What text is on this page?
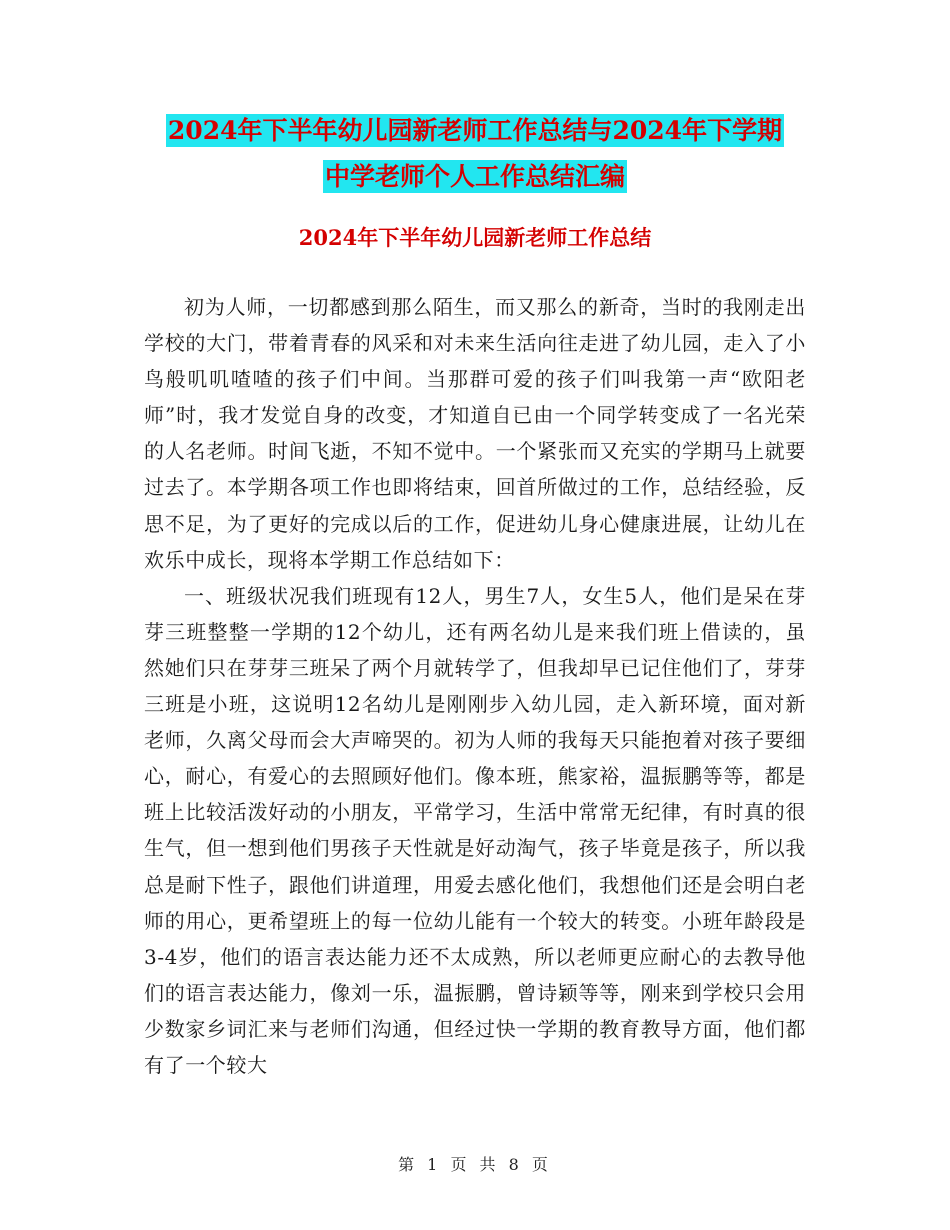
2024年下半年幼儿园新老师工作总结与2024年下学期
中学老师个人工作总结汇编
2024年下半年幼儿园新老师工作总结

初为人师，一切都感到那么陌生，而又那么的新奇，当时的我刚走出学校的大门，带着青春的风采和对未来生活向往走进了幼儿园，走入了小鸟般叽叽喳喳的孩子们中间。当那群可爱的孩子们叫我第一声“欧阳老师”时，我才发觉自身的改变，才知道自已由一个同学转变成了一名光荣的人名老师。时间飞逝，不知不觉中。一个紧张而又充实的学期马上就要过去了。本学期各项工作也即将结束，回首所做过的工作，总结经验，反思不足，为了更好的完成以后的工作，促进幼儿身心健康进展，让幼儿在欢乐中成长，现将本学期工作总结如下：

一、班级状况我们班现有12人，男生7人，女生5人，他们是呆在芽芽三班整整一学期的12个幼儿，还有两名幼儿是来我们班上借读的，虽然她们只在芽芽三班呆了两个月就转学了，但我却早已记住他们了，芽芽三班是小班，这说明12名幼儿是刚刚步入幼儿园，走入新环境，面对新老师，久离父母而会大声啼哭的。初为人师的我每天只能抱着对孩子要细心，耐心，有爱心的去照顾好他们。像本班，熊家裕，温振鹏等等，都是班上比较活泼好动的小朋友，平常学习，生活中常常无纪律，有时真的很生气，但一想到他们男孩子天性就是好动淘气，孩子毕竟是孩子，所以我总是耐下性子，跟他们讲道理，用爱去感化他们，我想他们还是会明白老师的用心，更希望班上的每一位幼儿能有一个较大的转变。小班年龄段是3-4岁，他们的语言表达能力还不太成熟，所以老师更应耐心的去教导他们的语言表达能力，像刘一乐，温振鹏，曾诗颖等等，刚来到学校只会用少数家乡词汇来与老师们沟通，但经过快一学期的教育教导方面，他们都有了一个较大

第 1 页 共 8 页
